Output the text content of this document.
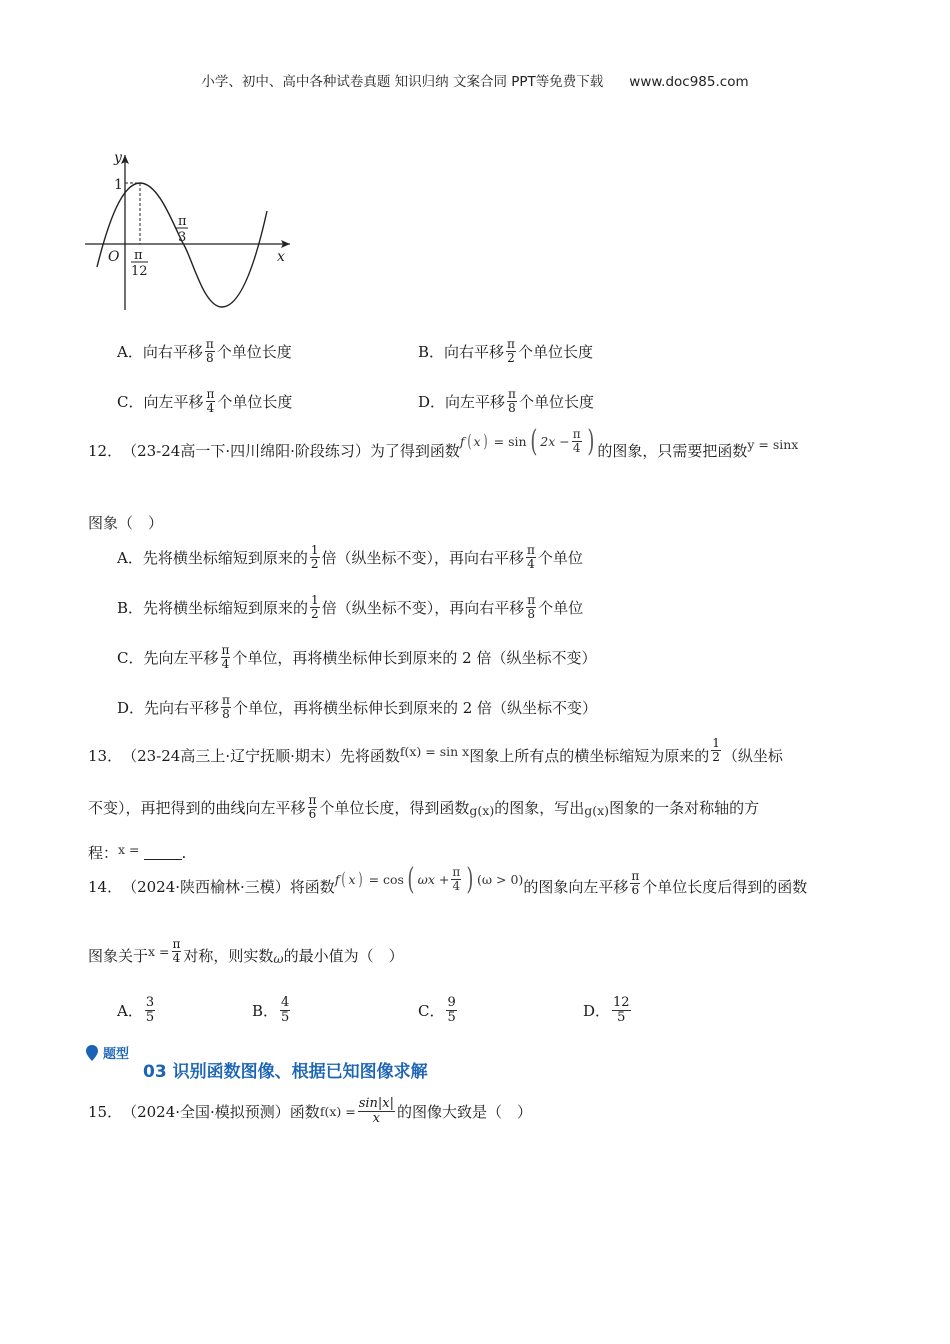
小学、初中、高中各种试卷真题 知识归纳 文案合同 PPT等免费下载 www.doc985.com
y
1
O	x
π
12
π
3
A． 向右平移 $\frac{\pi}{8}$ 个单位长度	B． 向右平移 $\frac{\pi}{2}$ 个单位长度
C． 向左平移 $\frac{\pi}{4}$ 个单位长度	D． 向左平移 $\frac{\pi}{8}$ 个单位长度
12． （23-24高一下·四川绵阳·阶段练习）为了得到函数
f ( x )
= sin ( $2x - \frac{\pi}{4}$ ) 的图象，只需要把函数 y = sinx
图象（　）
A． 先将横坐标缩短到原来的 $\frac{1}{2}$ 倍（纵坐标不变），再向右平移 $\frac{\pi}{4}$ 个单位
B． 先将横坐标缩短到原来的 $\frac{1}{2}$ 倍（纵坐标不变），再向右平移 $\frac{\pi}{8}$ 个单位
C． 先向左平移 $\frac{\pi}{4}$ 个单位，再将横坐标伸长到原来的 2 倍（纵坐标不变）
D． 先向右平移 $\frac{\pi}{8}$ 个单位，再将横坐标伸长到原来的 2 倍（纵坐标不变）
13． （23-24高三上·辽宁抚顺·期末）先将函数 f(x) = sin x 图象上所有点的横坐标缩短为原来的 $\frac{1}{2}$ （纵坐标
不变），再把得到的曲线向左平移 $\frac{\pi}{6}$ 个单位长度，得到函数 g(x) 的图象，写出 g(x) 图象的一条对称轴的方
程： x =	.
14． （2024·陕西榆林·三模）将函数 f ( x )
= cos ( $\omega x + \frac{\pi}{4}$ ) (ω > 0) 的图象向左平移 $\frac{\pi}{6}$ 个单位长度后得到的函数
图象关于 $x = \frac{\pi}{4}$ 对称，则实数 ω 的最小值为（　）
A． $\frac{3}{5}$	B． $\frac{4}{5}$	C． $\frac{9}{5}$	D． $\frac{12}{5}$
题型
03 识别函数图像、根据已知图像求解
15． （2024·全国·模拟预测）函数 $f(x) = \frac{\sin|x|}{x}$ 的图像大致是（　）
